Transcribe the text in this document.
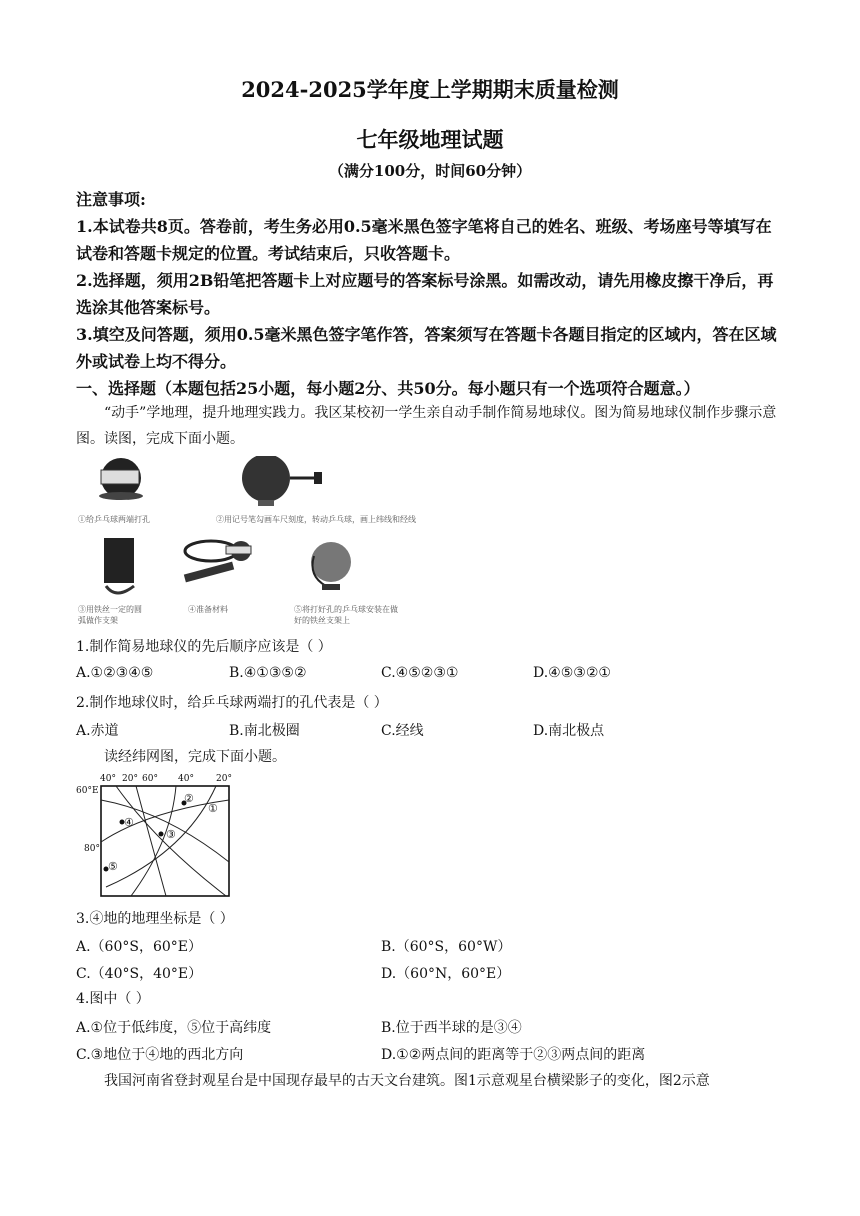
2024-2025学年度上学期期末质量检测
七年级地理试题
（满分100分，时间60分钟）

注意事项:

1.本试卷共8页。答卷前，考生务必用0.5毫米黑色签字笔将自己的姓名、班级、考场座号等填写在试卷和答题卡规定的位置。考试结束后，只收答题卡。

2.选择题，须用2B铅笔把答题卡上对应题号的答案标号涂黑。如需改动，请先用橡皮擦干净后，再选涂其他答案标号。

3.填空及问答题，须用0.5毫米黑色签字笔作答，答案须写在答题卡各题目指定的区域内，答在区域外或试卷上均不得分。

一、选择题（本题包括25小题，每小题2分、共50分。每小题只有一个选项符合题意。）

“动手”学地理，提升地理实践力。我区某校初一学生亲自动手制作简易地球仪。图为简易地球仪制作步骤示意图。读图，完成下面小题。
①给乒乓球两端打孔	②用记号笔勾画车尺刻度，转动乒乓球，画上纬线和经线
③用铁丝一定的圆弧做作支架
④准备材料	⑤将打好孔的乒乓球安装在做好的铁丝支架上
1.制作简易地球仪的先后顺序应该是（ ）
A.①②③④⑤	B.④①③⑤②	C.④⑤②③①	D.④⑤③②①
2.制作地球仪时，给乒乓球两端打的孔代表是（ ）
A.赤道	B.南北极圈	C.经线	D.南北极点
读经纬网图，完成下面小题。
40° 20° 60° 40° 20°
60°E
80°
①
②
③
④
⑤
3.④地的地理坐标是（ ）
A.（60°S，60°E）	B.（60°S，60°W）
C.（40°S，40°E）	D.（60°N，60°E）
4.图中（ ）
A.①位于低纬度，⑤位于高纬度	B.位于西半球的是③④
C.③地位于④地的西北方向	D.①②两点间的距离等于②③两点间的距离
我国河南省登封观星台是中国现存最早的古天文台建筑。图1示意观星台横梁影子的变化，图2示意
